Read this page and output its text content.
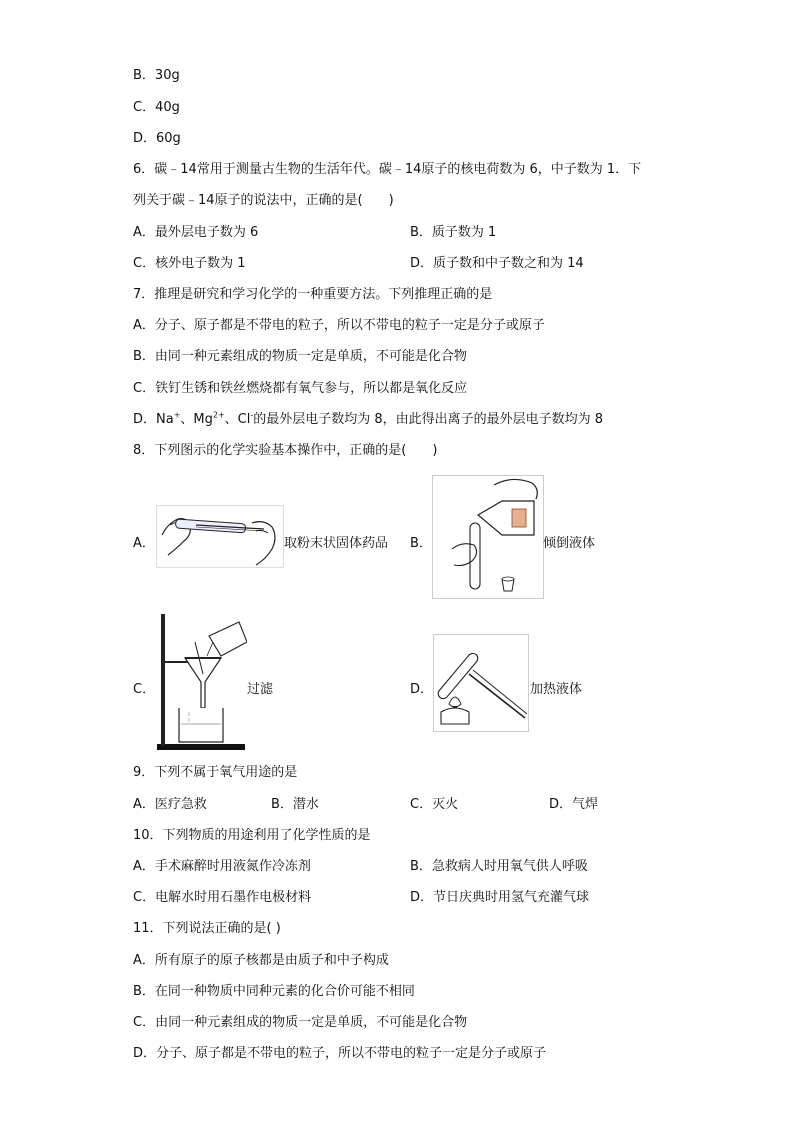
B．30g
C．40g
D．60g
6．碳﹣14常用于测量古生物的生活年代。碳﹣14原子的核电荷数为 6，中子数为 1．下
列关于碳﹣14原子的说法中，正确的是(　　)
A．最外层电子数为 6	B．质子数为 1
C．核外电子数为 1	D．质子数和中子数之和为 14
7．推理是研究和学习化学的一种重要方法。下列推理正确的是
A．分子、原子都是不带电的粒子，所以不带电的粒子一定是分子或原子
B．由同一种元素组成的物质一定是单质，不可能是化合物
C．铁钉生锈和铁丝燃烧都有氧气参与，所以都是氧化反应
D．Na+、$Mg^{2+}$、Cl-的最外层电子数均为 8，由此得出离子的最外层电子数均为 8
8．下列图示的化学实验基本操作中，正确的是(　　)
A．	取粉末状固体药品 B．	倾倒液体
C．	过滤	D．	加热液体
9．下列不属于氧气用途的是
A．医疗急救	B．潜水	C．灭火	D．气焊
10．下列物质的用途利用了化学性质的是
A．手术麻醉时用液氮作冷冻剂	B．急救病人时用氧气供人呼吸
C．电解水时用石墨作电极材料	D．节日庆典时用氢气充灌气球
11．下列说法正确的是( )
A．所有原子的原子核都是由质子和中子构成
B．在同一种物质中同种元素的化合价可能不相同
C．由同一种元素组成的物质一定是单质，不可能是化合物
D．分子、原子都是不带电的粒子，所以不带电的粒子一定是分子或原子
